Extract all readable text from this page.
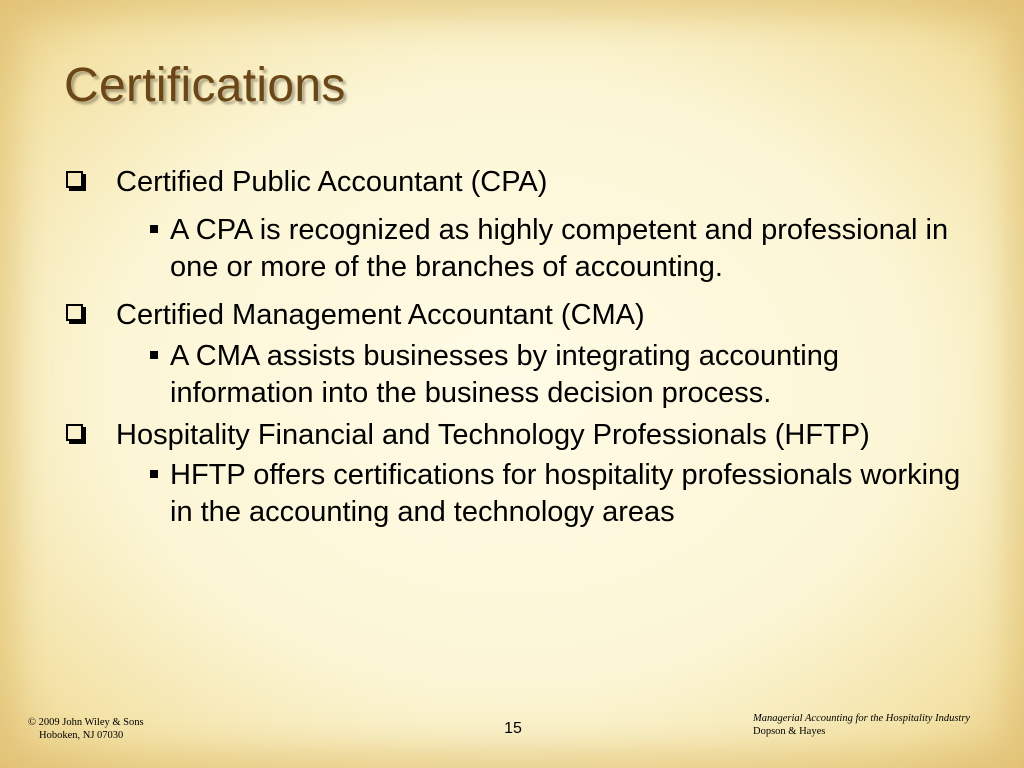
Certifications
Certified Public Accountant (CPA)
A CPA is recognized as highly competent and professional in one or more of the branches of accounting.
Certified Management Accountant (CMA)
A CMA assists businesses by integrating accounting information into the business decision process.
Hospitality Financial and Technology Professionals (HFTP)
HFTP offers certifications for hospitality professionals working in the accounting and technology areas
© 2009 John Wiley & Sons
Hoboken, NJ 07030	15
Managerial Accounting for the Hospitality Industry
Dopson & Hayes
